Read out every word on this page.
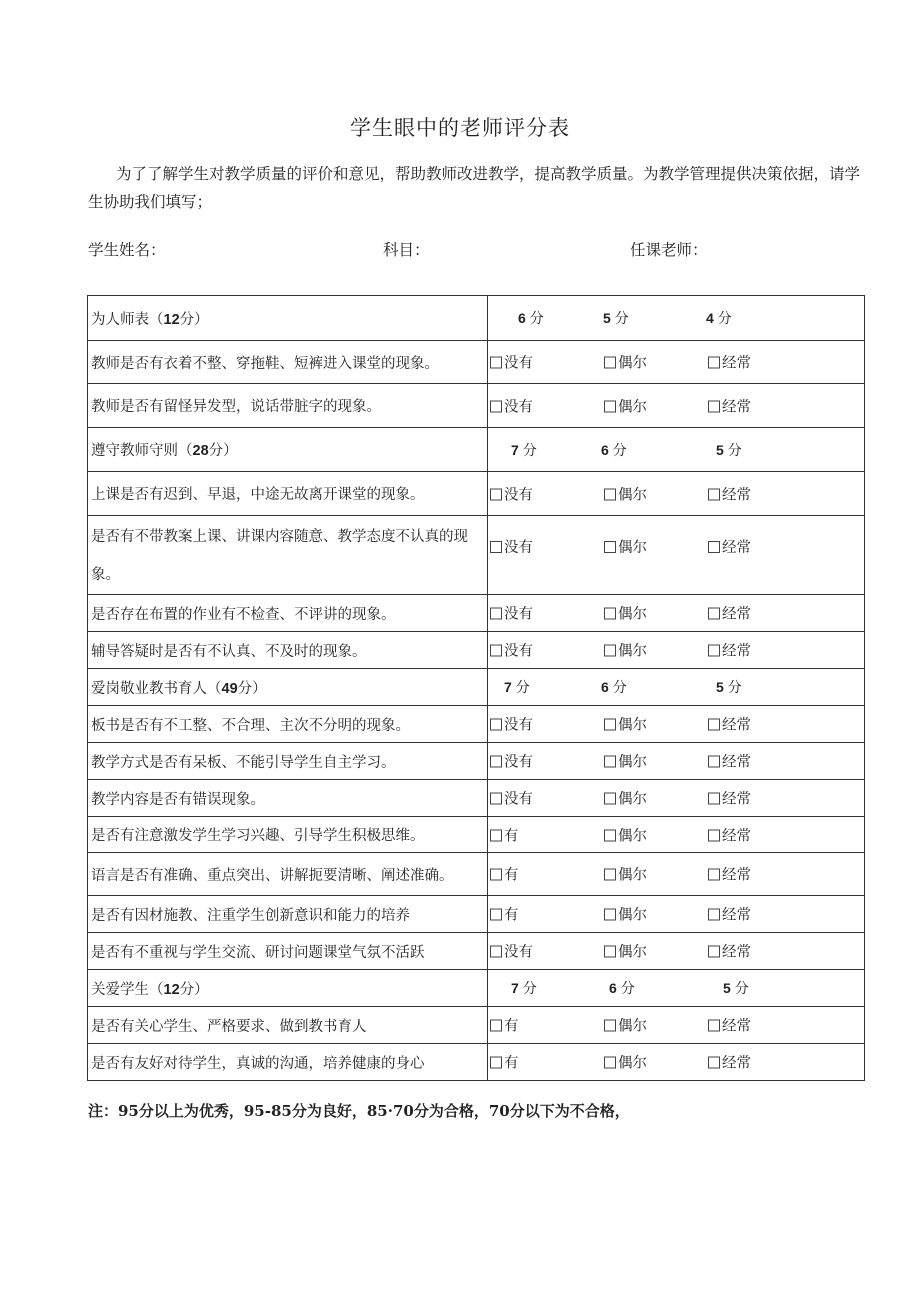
学生眼中的老师评分表
为了了解学生对教学质量的评价和意见，帮助教师改进教学，提高教学质量。为教学管理提供决策依据，请学生协助我们填写；
学生姓名：	科目：	任课老师：
为人师表（12分）	6 分 5 分 4 分

教师是否有衣着不整、穿拖鞋、短裤进入课堂的现象。	没有 偶尔 经常

教师是否有留怪异发型，说话带脏字的现象。	没有 偶尔 经常

遵守教师守则（28分）	7 分 6 分 5 分

上课是否有迟到、早退，中途无故离开课堂的现象。	没有 偶尔 经常

是否有不带教案上课、讲课内容随意、教学态度不认真的现象。	没有 偶尔 经常

是否存在布置的作业有不检查、不评讲的现象。	没有 偶尔 经常

辅导答疑时是否有不认真、不及时的现象。	没有 偶尔 经常

爱岗敬业教书育人（49分）	7 分 6 分 5 分

板书是否有不工整、不合理、主次不分明的现象。	没有 偶尔 经常

教学方式是否有呆板、不能引导学生自主学习。	没有 偶尔 经常

教学内容是否有错误现象。	没有 偶尔 经常

是否有注意激发学生学习兴趣、引导学生积极思维。	有 偶尔 经常

语言是否有准确、重点突出、讲解扼要清晰、阐述准确。	有 偶尔 经常

是否有因材施教、注重学生创新意识和能力的培养	有 偶尔 经常

是否有不重视与学生交流、研讨问题课堂气氛不活跃	没有 偶尔 经常

关爱学生（12分）	7 分 6 分 5 分

是否有关心学生、严格要求、做到教书育人	有 偶尔 经常

是否有友好对待学生，真诚的沟通，培养健康的身心	有 偶尔 经常
注：95分以上为优秀，95-85分为良好，85·70分为合格，70分以下为不合格，
